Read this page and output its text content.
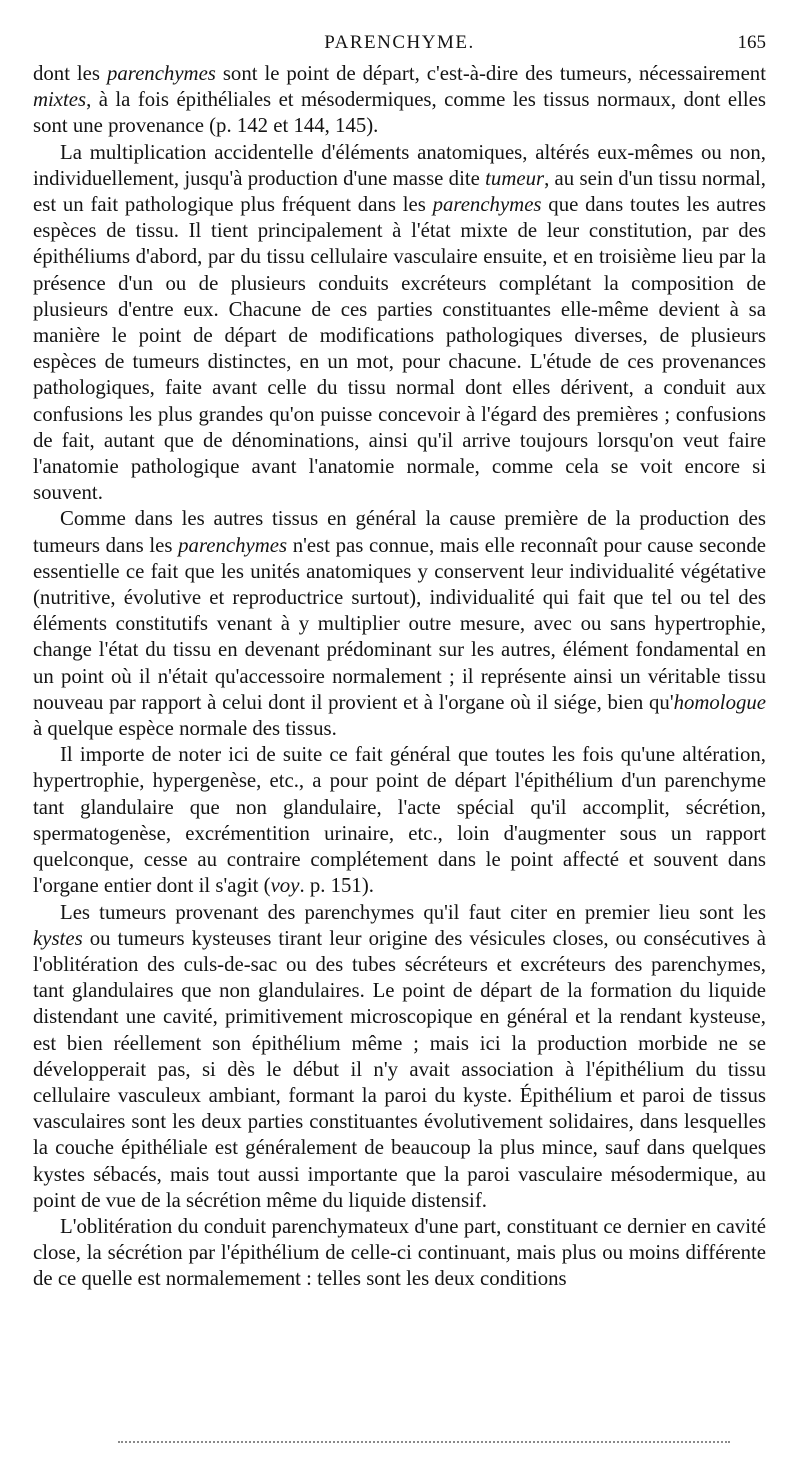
PARENCHYME.	165

dont les parenchymes sont le point de départ, c'est-à-dire des tumeurs, nécessairement mixtes, à la fois épithéliales et mésodermiques, comme les tissus normaux, dont elles sont une provenance (p. 142 et 144, 145).

La multiplication accidentelle d'éléments anatomiques, altérés eux-mêmes ou non, individuellement, jusqu'à production d'une masse dite tumeur, au sein d'un tissu normal, est un fait pathologique plus fréquent dans les parenchymes que dans toutes les autres espèces de tissu. Il tient principalement à l'état mixte de leur constitution, par des épithéliums d'abord, par du tissu cellulaire vasculaire ensuite, et en troisième lieu par la présence d'un ou de plusieurs conduits excréteurs complétant la composition de plusieurs d'entre eux. Chacune de ces parties constituantes elle-même devient à sa manière le point de départ de modifications pathologiques diverses, de plusieurs espèces de tumeurs distinctes, en un mot, pour chacune. L'étude de ces provenances pathologiques, faite avant celle du tissu normal dont elles dérivent, a conduit aux confusions les plus grandes qu'on puisse concevoir à l'égard des premières ; confusions de fait, autant que de dénominations, ainsi qu'il arrive toujours lorsqu'on veut faire l'anatomie pathologique avant l'anatomie normale, comme cela se voit encore si souvent.

Comme dans les autres tissus en général la cause première de la production des tumeurs dans les parenchymes n'est pas connue, mais elle reconnaît pour cause seconde essentielle ce fait que les unités anatomiques y conservent leur individualité végétative (nutritive, évolutive et reproductrice surtout), individualité qui fait que tel ou tel des éléments constitutifs venant à y multiplier outre mesure, avec ou sans hypertrophie, change l'état du tissu en devenant prédominant sur les autres, élément fondamental en un point où il n'était qu'accessoire normalement ; il représente ainsi un véritable tissu nouveau par rapport à celui dont il provient et à l'organe où il siége, bien qu'homologue à quelque espèce normale des tissus.

Il importe de noter ici de suite ce fait général que toutes les fois qu'une altération, hypertrophie, hypergenèse, etc., a pour point de départ l'épithélium d'un parenchyme tant glandulaire que non glandulaire, l'acte spécial qu'il accomplit, sécrétion, spermatogenèse, excrémentition urinaire, etc., loin d'augmenter sous un rapport quelconque, cesse au contraire complétement dans le point affecté et souvent dans l'organe entier dont il s'agit (voy. p. 151).

Les tumeurs provenant des parenchymes qu'il faut citer en premier lieu sont les kystes ou tumeurs kysteuses tirant leur origine des vésicules closes, ou consécutives à l'oblitération des culs-de-sac ou des tubes sécréteurs et excréteurs des parenchymes, tant glandulaires que non glandulaires. Le point de départ de la formation du liquide distendant une cavité, primitivement microscopique en général et la rendant kysteuse, est bien réellement son épithélium même ; mais ici la production morbide ne se développerait pas, si dès le début il n'y avait association à l'épithélium du tissu cellulaire vasculeux ambiant, formant la paroi du kyste. Épithélium et paroi de tissus vasculaires sont les deux parties constituantes évolutivement solidaires, dans lesquelles la couche épithéliale est généralement de beaucoup la plus mince, sauf dans quelques kystes sébacés, mais tout aussi importante que la paroi vasculaire mésodermique, au point de vue de la sécrétion même du liquide distensif.

L'oblitération du conduit parenchymateux d'une part, constituant ce dernier en cavité close, la sécrétion par l'épithélium de celle-ci continuant, mais plus ou moins différente de ce quelle est normalemement : telles sont les deux conditions
